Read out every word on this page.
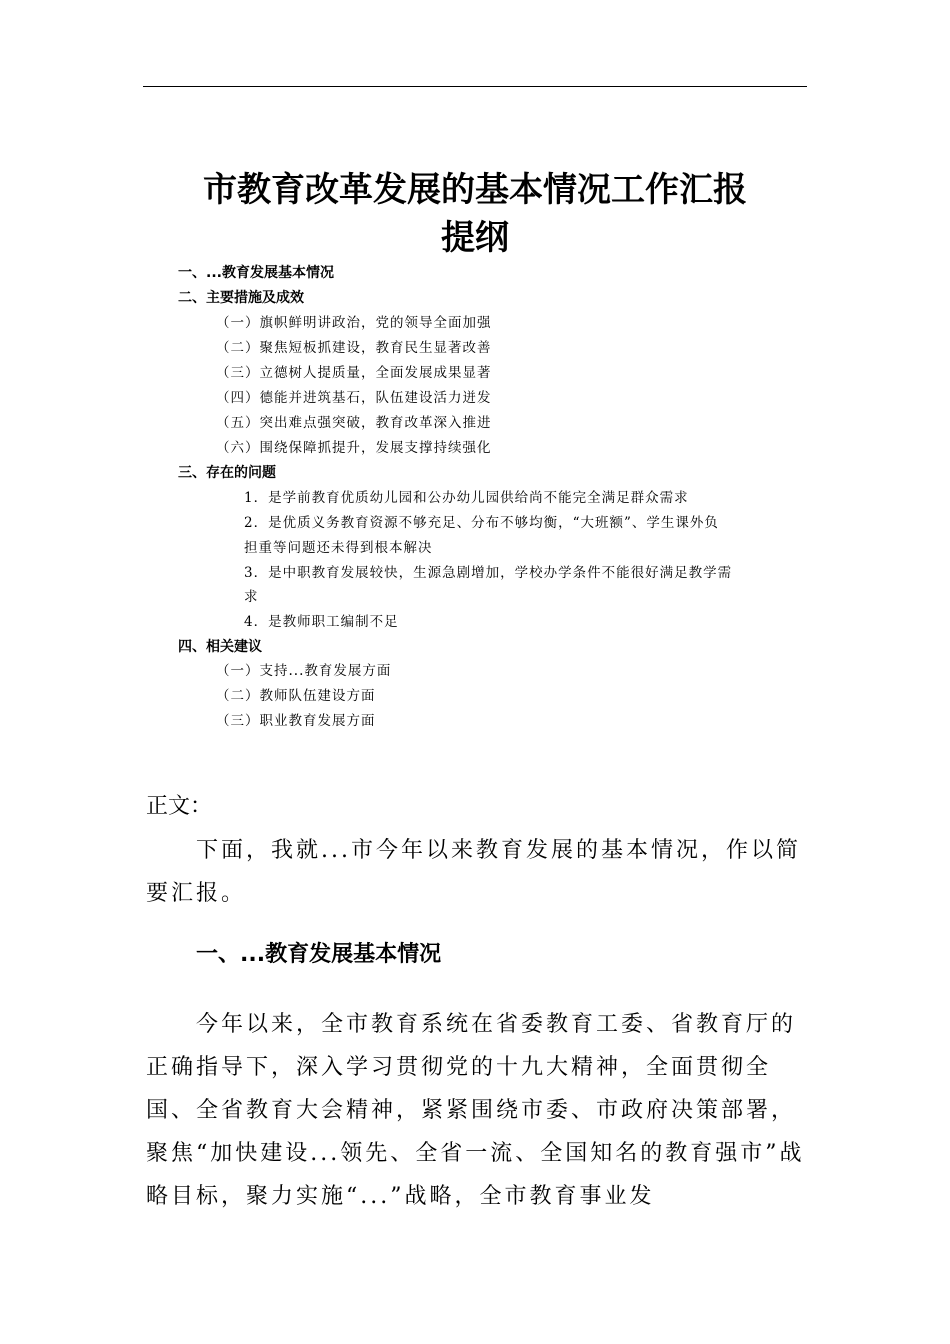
市教育改革发展的基本情况工作汇报
提纲
一、...教育发展基本情况
二、主要措施及成效
（一）旗帜鲜明讲政治，党的领导全面加强
（二）聚焦短板抓建设，教育民生显著改善
（三）立德树人提质量，全面发展成果显著
（四）德能并进筑基石，队伍建设活力迸发
（五）突出难点强突破，教育改革深入推进
（六）围绕保障抓提升，发展支撑持续强化
三、存在的问题
1．是学前教育优质幼儿园和公办幼儿园供给尚不能完全满足群众需求
2．是优质义务教育资源不够充足、分布不够均衡，“大班额”、学生课外负
担重等问题还未得到根本解决
3．是中职教育发展较快，生源急剧增加，学校办学条件不能很好满足教学需
求
4．是教师职工编制不足
四、相关建议
（一）支持...教育发展方面
（二）教师队伍建设方面
（三）职业教育发展方面

正文：

下面，我就...市今年以来教育发展的基本情况，作以简要汇报。

一、...教育发展基本情况

今年以来，全市教育系统在省委教育工委、省教育厅的正确指导下，深入学习贯彻党的十九大精神，全面贯彻全国、全省教育大会精神，紧紧围绕市委、市政府决策部署，聚焦“加快建设...领先、全省一流、全国知名的教育强市”战略目标，聚力实施“...”战略，全市教育事业发
